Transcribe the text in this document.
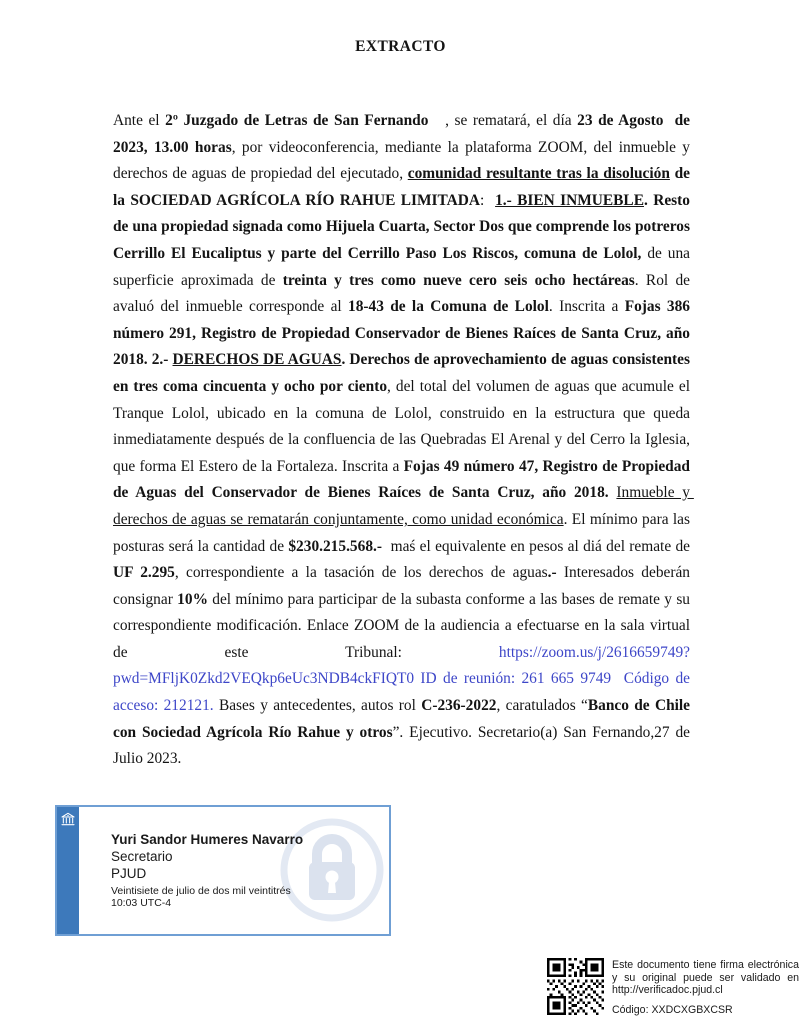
EXTRACTO
Ante el 2º Juzgado de Letras de San Fernando   , se rematará, el día 23 de Agosto  de 2023, 13.00 horas, por videoconferencia, mediante la plataforma ZOOM, del inmueble y derechos de aguas de propiedad del ejecutado, comunidad resultante tras la disolución de la SOCIEDAD AGRÍCOLA RÍO RAHUE LIMITADA:  1.- BIEN INMUEBLE. Resto de una propiedad signada como Hijuela Cuarta, Sector Dos que comprende los potreros Cerrillo El Eucaliptus y parte del Cerrillo Paso Los Riscos, comuna de Lolol, de una superficie aproximada de treinta y tres como nueve cero seis ocho hectáreas. Rol de avaluó del inmueble corresponde al 18-43 de la Comuna de Lolol. Inscrita a Fojas 386 número 291, Registro de Propiedad Conservador de Bienes Raíces de Santa Cruz, año 2018. 2.- DERECHOS DE AGUAS. Derechos de aprovechamiento de aguas consistentes en tres coma cincuenta y ocho por ciento, del total del volumen de aguas que acumule el Tranque Lolol, ubicado en la comuna de Lolol, construido en la estructura que queda inmediatamente después de la confluencia de las Quebradas El Arenal y del Cerro la Iglesia, que forma El Estero de la Fortaleza. Inscrita a Fojas 49 número 47, Registro de Propiedad de Aguas del Conservador de Bienes Raíces de Santa Cruz, año 2018. Inmueble y derechos de aguas se rematarán conjuntamente, como unidad económica. El mínimo para las posturas será la cantidad de $230.215.568.-  maś el equivalente en pesos al diá del remate de UF 2.295, correspondiente a la tasación de los derechos de aguas.- Interesados deberán consignar 10% del mínimo para participar de la subasta conforme a las bases de remate y su correspondiente modificación. Enlace ZOOM de la audiencia a efectuarse en la sala virtual de este Tribunal: https://zoom.us/j/2616659749?pwd=MFljK0Zkd2VEQkp6eUc3NDB4ckFIQT0 ID de reunión: 261 665 9749  Código de acceso: 212121. Bases y antecedentes, autos rol C-236-2022, caratulados “Banco de Chile con Sociedad Agrícola Río Rahue y otros”. Ejecutivo. Secretario(a) San Fernando,27 de Julio 2023.
Yuri Sandor Humeres Navarro
Secretario
PJUD
Veintisiete de julio de dos mil veintitrés
10:03 UTC-4
Este documento tiene firma electrónica y su original puede ser validado en http://verificadoc.pjud.cl
Código: XXDCXGBXCSR
